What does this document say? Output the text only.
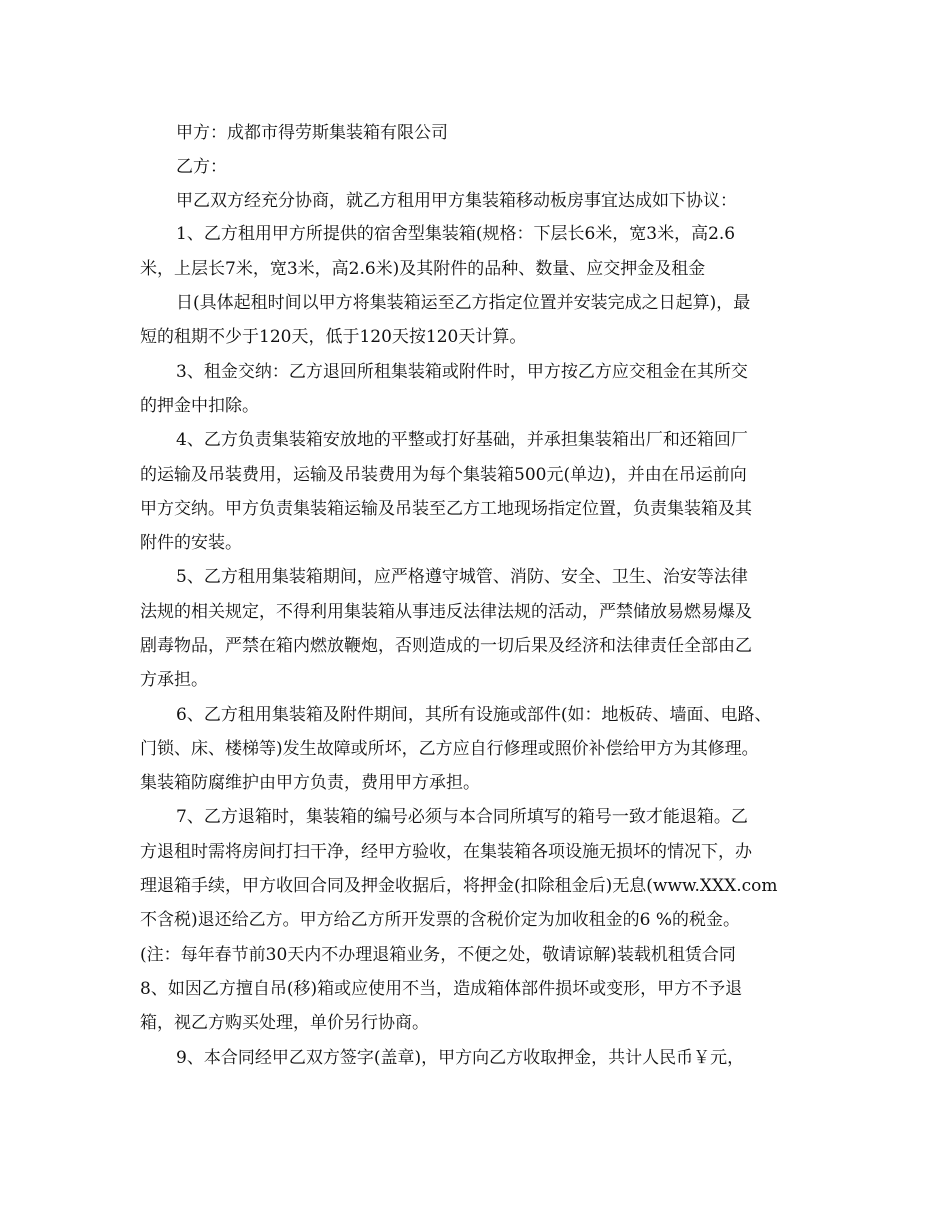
甲方：成都市得劳斯集装箱有限公司

乙方：

甲乙双方经充分协商，就乙方租用甲方集装箱移动板房事宜达成如下协议：

1、乙方租用甲方所提供的宿舍型集装箱(规格：下层长6米，宽3米，高2.6

米，上层长7米，宽3米，高2.6米)及其附件的品种、数量、应交押金及租金

日(具体起租时间以甲方将集装箱运至乙方指定位置并安装完成之日起算)，最

短的租期不少于120天，低于120天按120天计算。

3、租金交纳：乙方退回所租集装箱或附件时，甲方按乙方应交租金在其所交

的押金中扣除。

4、乙方负责集装箱安放地的平整或打好基础，并承担集装箱出厂和还箱回厂

的运输及吊装费用，运输及吊装费用为每个集装箱500元(单边)，并由在吊运前向

甲方交纳。甲方负责集装箱运输及吊装至乙方工地现场指定位置，负责集装箱及其

附件的安装。

5、乙方租用集装箱期间，应严格遵守城管、消防、安全、卫生、治安等法律

法规的相关规定，不得利用集装箱从事违反法律法规的活动，严禁储放易燃易爆及

剧毒物品，严禁在箱内燃放鞭炮，否则造成的一切后果及经济和法律责任全部由乙

方承担。

6、乙方租用集装箱及附件期间，其所有设施或部件(如：地板砖、墙面、电路、

门锁、床、楼梯等)发生故障或所坏，乙方应自行修理或照价补偿给甲方为其修理。

集装箱防腐维护由甲方负责，费用甲方承担。

7、乙方退箱时，集装箱的编号必须与本合同所填写的箱号一致才能退箱。乙

方退租时需将房间打扫干净，经甲方验收，在集装箱各项设施无损坏的情况下，办

理退箱手续，甲方收回合同及押金收据后，将押金(扣除租金后)无息(www.XXX.com

不含税)退还给乙方。甲方给乙方所开发票的含税价定为加收租金的6 %的税金。

(注：每年春节前30天内不办理退箱业务，不便之处，敬请谅解)装载机租赁合同

8、如因乙方擅自吊(移)箱或应使用不当，造成箱体部件损坏或变形，甲方不予退

箱，视乙方购买处理，单价另行协商。

9、本合同经甲乙双方签字(盖章)，甲方向乙方收取押金，共计人民币￥元，
